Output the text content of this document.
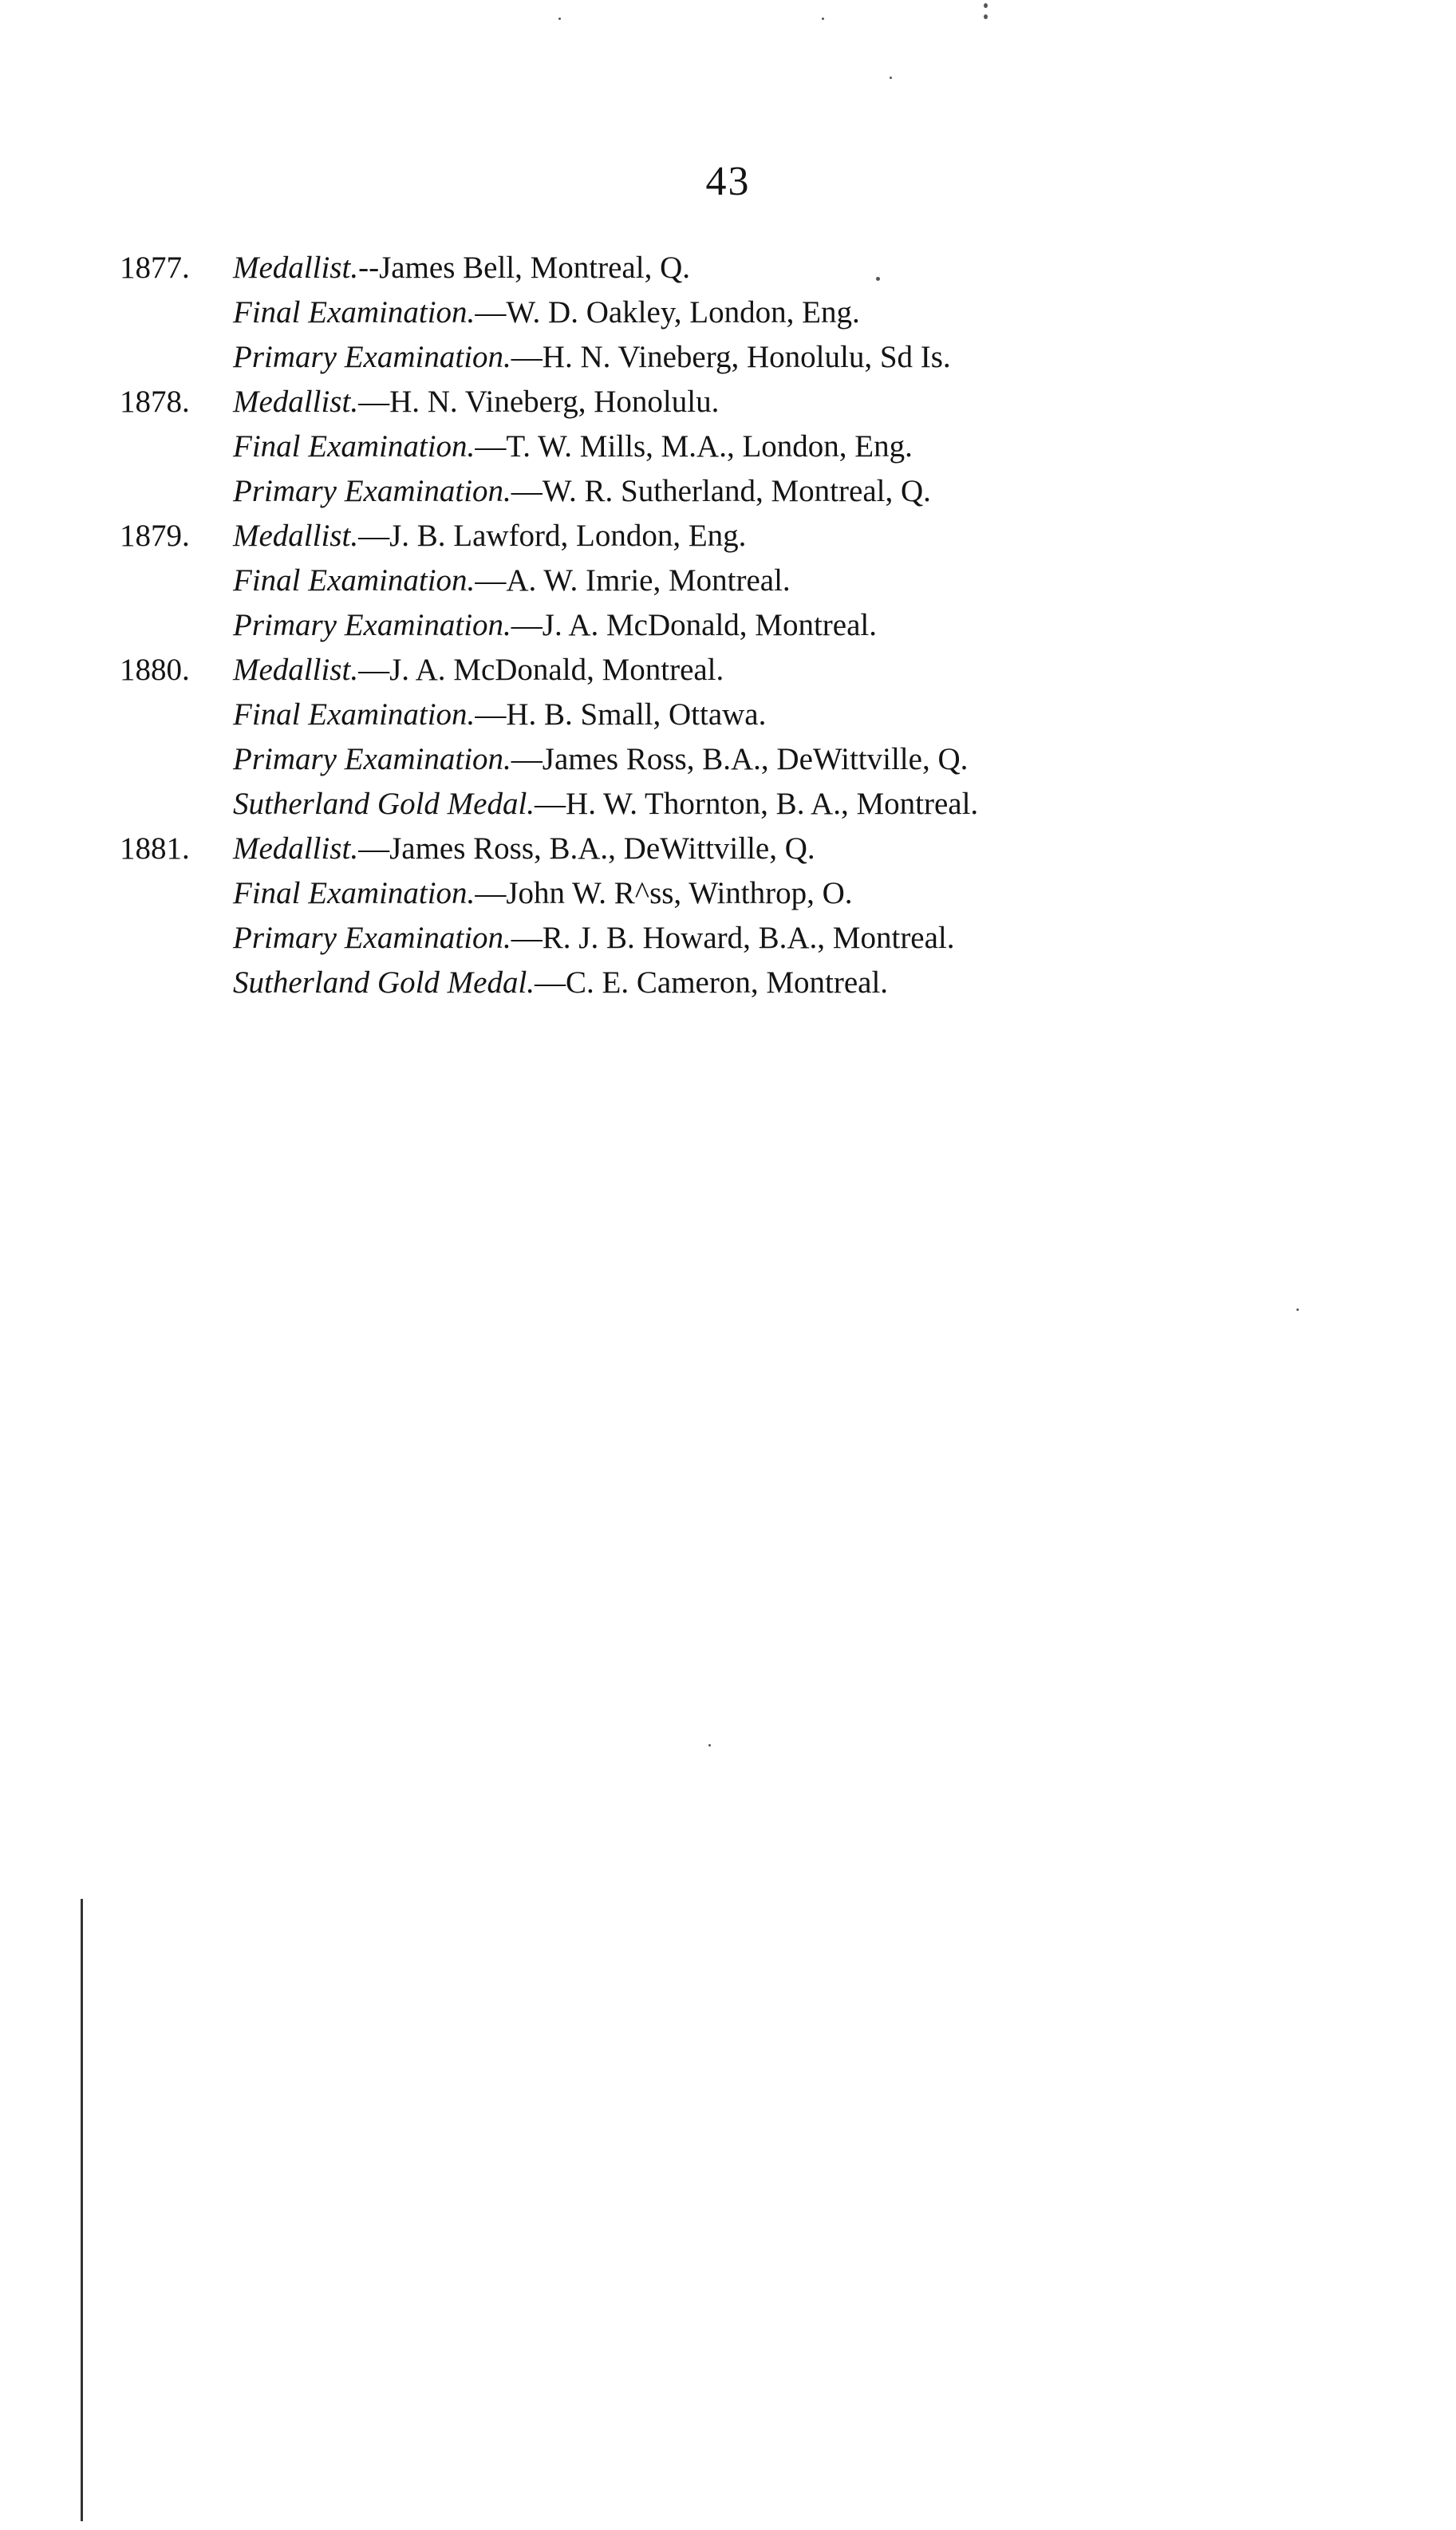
43
1877. Medallist.--James Bell, Montreal, Q.
Final Examination.—W. D. Oakley, London, Eng.
Primary Examination.—H. N. Vineberg, Honolulu, Sd Is.
1878. Medallist.—H. N. Vineberg, Honolulu.
Final Examination.—T. W. Mills, M.A., London, Eng.
Primary Examination.—W. R. Sutherland, Montreal, Q.
1879. Medallist.—J. B. Lawford, London, Eng.
Final Examination.—A. W. Imrie, Montreal.
Primary Examination.—J. A. McDonald, Montreal.
1880. Medallist.—J. A. McDonald, Montreal.
Final Examination.—H. B. Small, Ottawa.
Primary Examination.—James Ross, B.A., DeWittville, Q.
Sutherland Gold Medal.—H. W. Thornton, B. A., Montreal.
1881. Medallist.—James Ross, B.A., DeWittville, Q.
Final Examination.—John W. R^ss, Winthrop, O.
Primary Examination.—R. J. B. Howard, B.A., Montreal.
Sutherland Gold Medal.—C. E. Cameron, Montreal.
